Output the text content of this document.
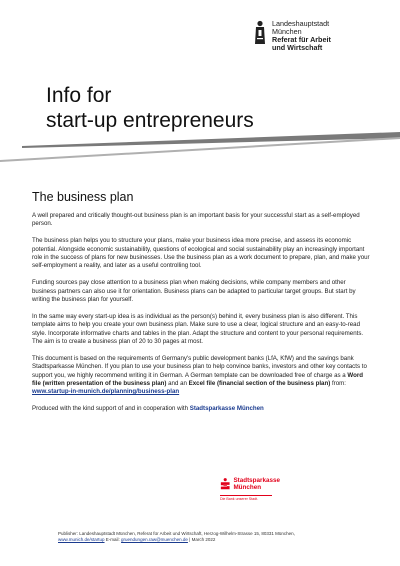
Landeshauptstadt
München
Referat für Arbeit
und Wirtschaft
Info for
start-up entrepreneurs
The business plan

A well prepared and critically thought-out business plan is an important basis for your successful start as a self-employed person.

The business plan helps you to structure your plans, make your business idea more precise, and assess its economic potential. Alongside economic sustainability, questions of ecological and social sustainability play an increasingly important role in the success of plans for new businesses. Use the business plan as a work document to prepare, plan, and make your self-employment a reality, and later as a useful controlling tool.

Funding sources pay close attention to a business plan when making decisions, while company members and other business partners can also use it for orientation. Business plans can be adapted to particular target groups. But start by writing the business plan for yourself.

In the same way every start-up idea is as individual as the person(s) behind it, every business plan is also different. This template aims to help you create your own business plan. Make sure to use a clear, logical structure and an easy-to-read style. Incorporate informative charts and tables in the plan. Adapt the structure and content to your personal requirements. The aim is to create a business plan of 20 to 30 pages at most.

This document is based on the requirements of Germany's public development banks (LfA, KfW) and the savings bank Stadtsparkasse München. If you plan to use your business plan to help convince banks, investors and other key contacts to support you, we highly recommend writing it in German. A German template can be downloaded free of charge as a Word file (written presentation of the business plan) and an Excel file (financial section of the business plan) from:
www.startup-in-munich.de/planning/business-plan

Produced with the kind support of and in cooperation with Stadtsparkasse München

Stadtsparkasse
München
Die Bank unserer Stadt.
Publisher: Landeshauptstadt München, Referat für Arbeit und Wirtschaft, Herzog-Wilhelm-Strasse 15, 80331 München,
www.munich.de/startup E-mail: gruendungen.raw@muenchen.de | March 2022
